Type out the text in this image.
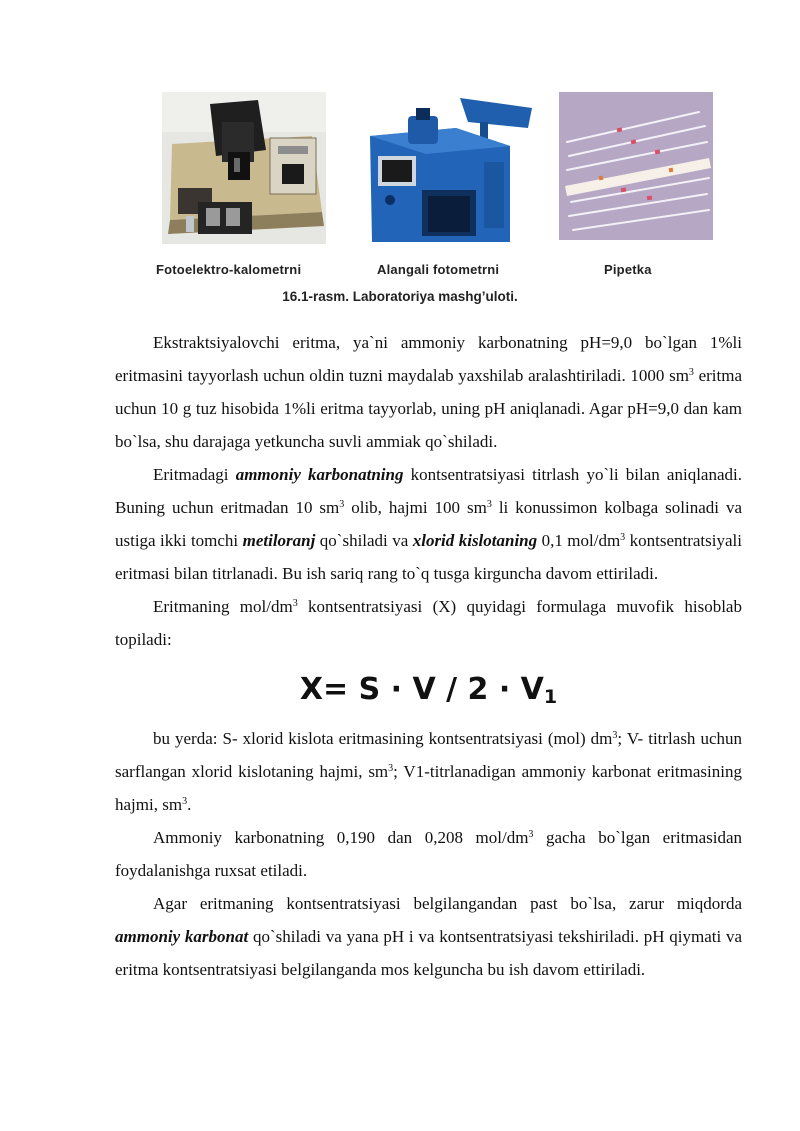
Fotoelektro-kalometrni	Alangali fotometrni	Pipetka
16.1-rasm. Laboratoriya mashg’uloti.

Ekstraktsiyalovchi eritma, ya`ni ammoniy karbonatning pH=9,0 bo`lgan 1%li eritmasini tayyorlash uchun oldin tuzni maydalab yaxshilab aralashtiriladi. 1000 $sm^3$ eritma uchun 10 g tuz hisobida 1%li eritma tayyorlab, uning pH aniqlanadi. Agar pH=9,0 dan kam bo`lsa, shu darajaga yetkuncha suvli ammiak qo`shiladi.

Eritmadagi ammoniy karbonatning kontsentratsiyasi titrlash yo`li bilan aniqlanadi. Buning uchun eritmadan 10 $sm^3$ olib, hajmi 100 $sm^3$ li konussimon kolbaga solinadi va ustiga ikki tomchi metiloranj qo`shiladi va xlorid kislotaning 0,1 mol/$dm^3$ kontsentratsiyali eritmasi bilan titrlanadi. Bu ish sariq rang to`q tusga kirguncha davom ettiriladi.

Eritmaning mol/$dm^3$ kontsentratsiyasi (X) quyidagi formulaga muvofik hisoblab topiladi:

$X= S \cdot V / 2 \cdot V_1$

bu yerda: S- xlorid kislota eritmasining kontsentratsiyasi (mol) $dm^3$; V- titrlash uchun sarflangan xlorid kislotaning hajmi, $sm^3$; V1-titrlanadigan ammoniy karbonat eritmasining hajmi, $sm^3$.

Ammoniy karbonatning 0,190 dan 0,208 mol/$dm^3$ gacha bo`lgan eritmasidan foydalanishga ruxsat etiladi.

Agar eritmaning kontsentratsiyasi belgilangandan past bo`lsa, zarur miqdorda ammoniy karbonat qo`shiladi va yana pH i va kontsentratsiyasi tekshiriladi. pH qiymati va eritma kontsentratsiyasi belgilanganda mos kelguncha bu ish davom ettiriladi.
